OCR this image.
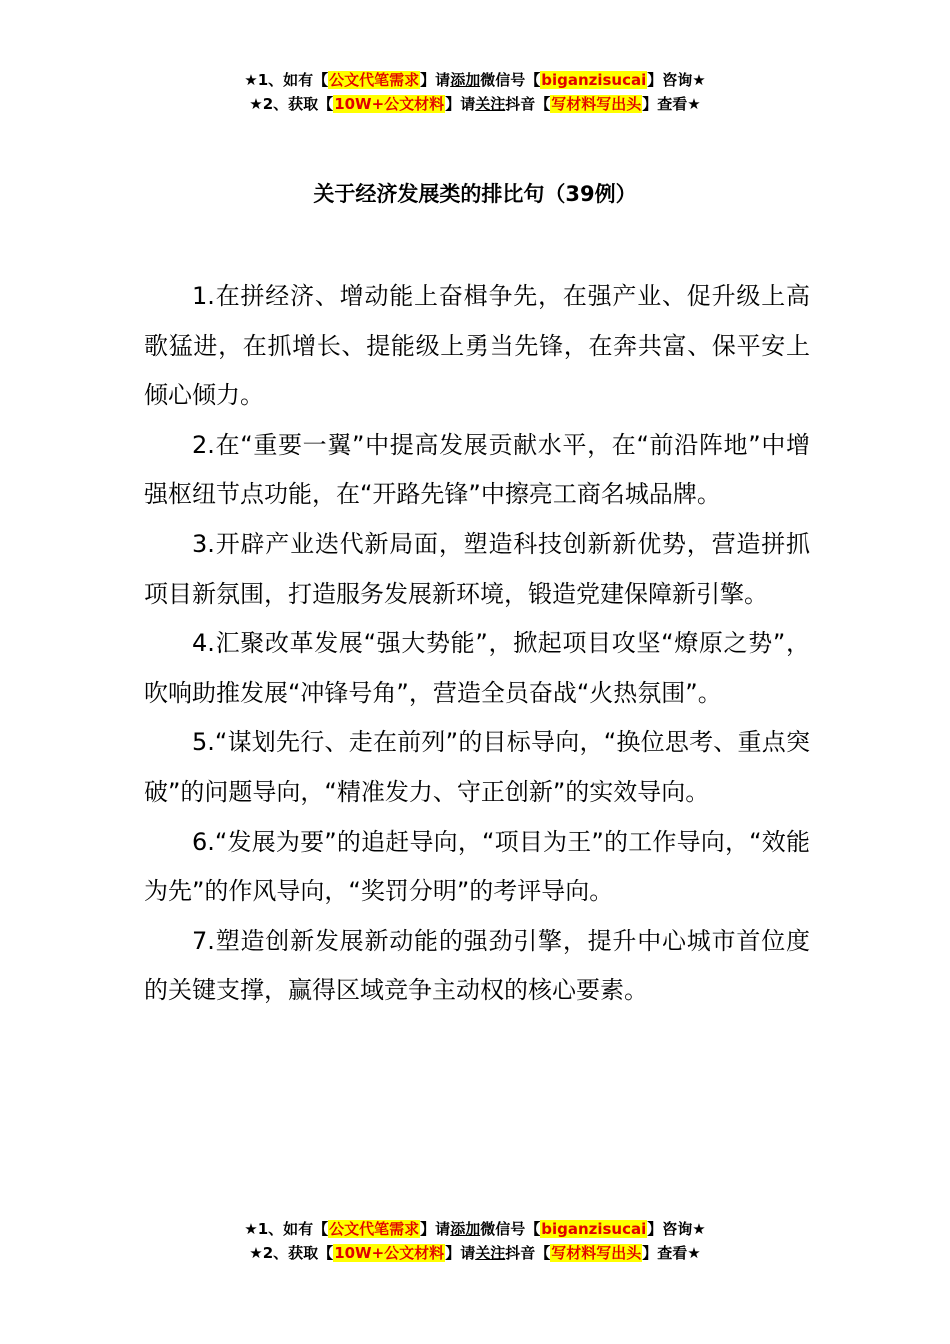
★1、如有【公文代笔需求】请添加微信号【biganzisucai】咨询★
★2、获取【10W+公文材料】请关注抖音【写材料写出头】查看★
关于经济发展类的排比句（39例）

1.在拼经济、增动能上奋楫争先，在强产业、促升级上高歌猛进，在抓增长、提能级上勇当先锋，在奔共富、保平安上倾心倾力。

2.在“重要一翼”中提高发展贡献水平，在“前沿阵地”中增强枢纽节点功能，在“开路先锋”中擦亮工商名城品牌。

3.开辟产业迭代新局面，塑造科技创新新优势，营造拼抓项目新氛围，打造服务发展新环境，锻造党建保障新引擎。

4.汇聚改革发展“强大势能”，掀起项目攻坚“燎原之势”，吹响助推发展“冲锋号角”，营造全员奋战“火热氛围”。

5.“谋划先行、走在前列”的目标导向，“换位思考、重点突破”的问题导向，“精准发力、守正创新”的实效导向。

6.“发展为要”的追赶导向，“项目为王”的工作导向，“效能为先”的作风导向，“奖罚分明”的考评导向。

7.塑造创新发展新动能的强劲引擎，提升中心城市首位度的关键支撑，赢得区域竞争主动权的核心要素。

★1、如有【公文代笔需求】请添加微信号【biganzisucai】咨询★
★2、获取【10W+公文材料】请关注抖音【写材料写出头】查看★
